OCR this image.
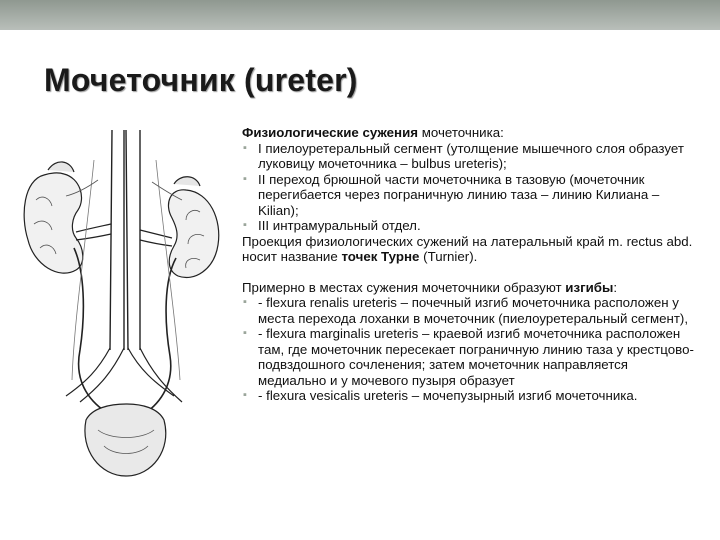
Мочеточник (ureter)

Физиологические сужения мочеточника:

▪ I пиелоуретеральный сегмент (утолщение мышечного слоя образует луковицу мочеточника – bulbus ureteris);
▪ II переход брюшной части мочеточника в тазовую (мочеточник перегибается через пограничную линию таза – линию Килиана – Kilian);
▪ III интрамуральный отдел.

Проекция физиологических сужений на латеральный край m. rectus abd. носит название точек Турне (Turnier).

Примерно в местах сужения мочеточники образуют изгибы:

▪ - flexura renalis ureteris – почечный изгиб мочеточника расположен у места перехода лоханки в мочеточник (пиелоуретеральный сегмент),
▪ - flexura marginalis ureteris – краевой изгиб мочеточника расположен там, где мочеточник пересекает пограничную линию таза у крестцово-подвздошного сочленения; затем мочеточник направляется медиально и у мочевого пузыря образует
▪ - flexura vesicalis ureteris – мочепузырный изгиб мочеточника.
